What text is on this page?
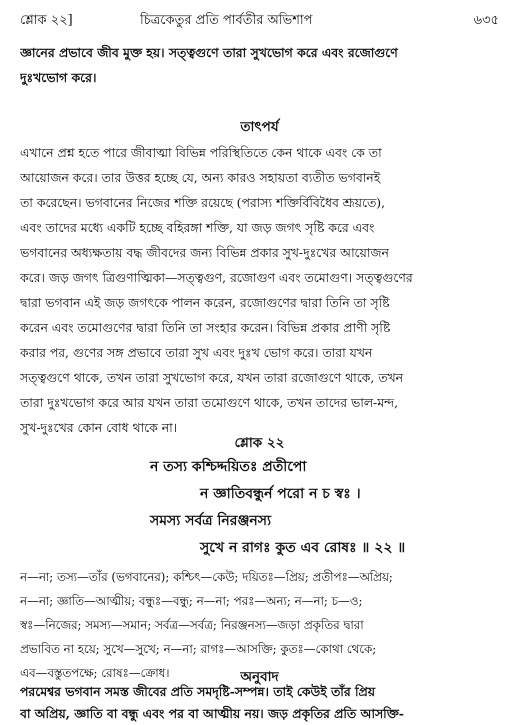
শ্লোক ২২]	চিত্রকেতুর প্রতি পার্বতীর অভিশাপ	৬৩৫
জ্ঞানের প্রভাবে জীব মুক্ত হয়। সত্ত্বগুণে তারা সুখভোগ করে এবং রজোগুণে
দুঃখভোগ করে।
তাৎপর্য
এখানে প্রশ্ন হতে পারে জীবাত্মা বিভিন্ন পরিস্থিতিতে কেন থাকে এবং কে তা
আয়োজন করে। তার উত্তর হচ্ছে যে, অন্য কারও সহায়তা ব্যতীত ভগবানই
তা করেছেন। ভগবানের নিজের শক্তি রয়েছে (পরাস্য শক্তির্বিবিধৈব শ্রূয়তে),
এবং তাদের মধ্যে একটি হচ্ছে বহিরঙ্গা শক্তি, যা জড় জগৎ সৃষ্টি করে এবং
ভগবানের অধ্যক্ষতায় বদ্ধ জীবদের জন্য বিভিন্ন প্রকার সুখ-দুঃখের আয়োজন
করে। জড় জগৎ ত্রিগুণাত্মিকা—সত্ত্বগুণ, রজোগুণ এবং তমোগুণ। সত্ত্বগুণের
দ্বারা ভগবান এই জড় জগৎকে পালন করেন, রজোগুণের দ্বারা তিনি তা সৃষ্টি
করেন এবং তমোগুণের দ্বারা তিনি তা সংহার করেন। বিভিন্ন প্রকার প্রাণী সৃষ্টি
করার পর, গুণের সঙ্গ প্রভাবে তারা সুখ এবং দুঃখ ভোগ করে। তারা যখন
সত্ত্বগুণে থাকে, তখন তারা সুখভোগ করে, যখন তারা রজোগুণে থাকে, তখন
তারা দুঃখভোগ করে আর যখন তারা তমোগুণে থাকে, তখন তাদের ভাল-মন্দ,
সুখ-দুঃখের কোন বোধ থাকে না।
শ্লোক ২২
ন তস্য কশ্চিদ্দয়িতঃ প্রতীপো
ন জ্ঞাতিবন্ধুর্ন পরো ন চ স্বঃ ।
সমস্য সর্বত্র নিরঞ্জনস্য
সুখে ন রাগঃ কুত এব রোষঃ ॥ ২২ ॥
ন—না; তস্য—তাঁর (ভগবানের); কশ্চিৎ—কেউ; দয়িতঃ—প্রিয়; প্রতীপঃ—অপ্রিয়;
ন—না; জ্ঞাতি—আত্মীয়; বন্ধুঃ—বন্ধু; ন—না; পরঃ—অন্য; ন—না; চ—ও;
স্বঃ—নিজের; সমস্য—সমান; সর্বত্র—সর্বত্র; নিরঞ্জনস্য—জড়া প্রকৃতির দ্বারা
প্রভাবিত না হয়ে; সুখে—সুখে; ন—না; রাগঃ—আসক্তি; কুতঃ—কোথা থেকে;
এব—বস্তুতপক্ষে; রোষঃ—ক্রোধ।	অনুবাদ
পরমেশ্বর ভগবান সমস্ত জীবের প্রতি সমদৃষ্টি-সম্পন্ন। তাই কেউই তাঁর প্রিয়
বা অপ্রিয়, জ্ঞাতি বা বন্ধু এবং পর বা আত্মীয় নয়। জড় প্রকৃতির প্রতি আসক্তি-
